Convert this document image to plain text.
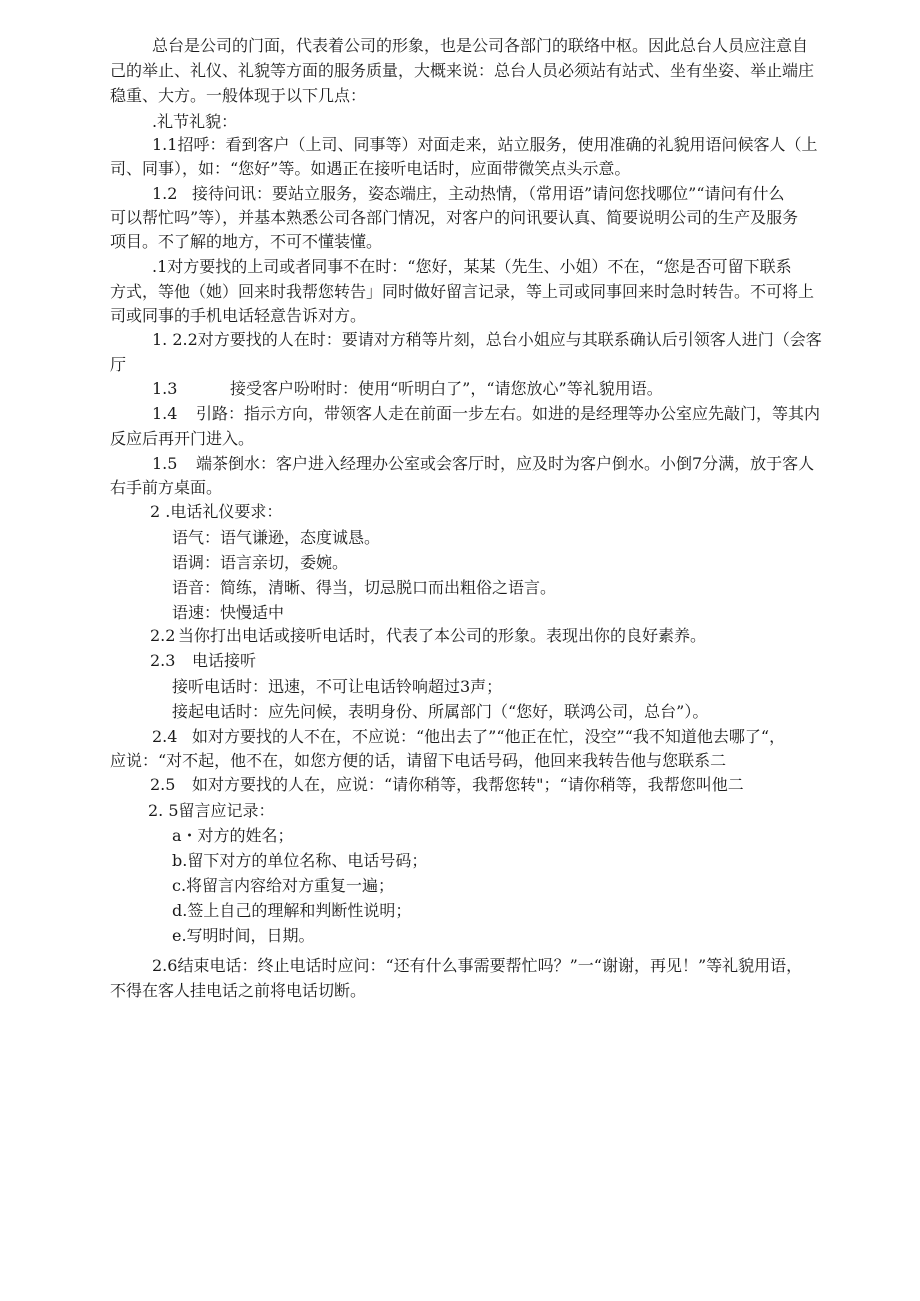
总台是公司的门面，代表着公司的形象，也是公司各部门的联络中枢。因此总台人员应注意自
己的举止、礼仪、礼貌等方面的服务质量，大概来说：总台人员必须站有站式、坐有坐姿、举止端庄
稳重、大方。一般体现于以下几点：
.礼节礼貌：
1.1招呼：看到客户（上司、同事等）对面走来，站立服务，使用准确的礼貌用语问候客人（上
司、同事），如：“您好”等。如遇正在接听电话时，应面带微笑点头示意。
1.2 接待问讯：要站立服务，姿态端庄，主动热情，（常用语”请问您找哪位”“请问有什么
可以帮忙吗”等），并基本熟悉公司各部门情况，对客户的问讯要认真、简要说明公司的生产及服务
项目。不了解的地方，不可不懂装懂。
.1对方要找的上司或者同事不在时：“您好，某某（先生、小姐）不在，“您是否可留下联系
方式，等他（她）回来时我帮您转告」同时做好留言记录，等上司或同事回来时急时转告。不可将上
司或同事的手机电话轻意告诉对方。
1. 2.2对方要找的人在时：要请对方稍等片刻，总台小姐应与其联系确认后引领客人进门（会客
厅
1.3	接受客户吩咐时：使用“听明白了”，“请您放心”等礼貌用语。
1.4 引路：指示方向，带领客人走在前面一步左右。如进的是经理等办公室应先敲门，等其内
反应后再开门进入。
1.5 端茶倒水：客户进入经理办公室或会客厅时，应及时为客户倒水。小倒7分满，放于客人
右手前方桌面。
2 .电话礼仪要求：
语气：语气谦逊，态度诚恳。
语调：语言亲切，委婉。
语音：简练，清晰、得当，切忌脱口而出粗俗之语言。
语速：快慢适中
2.2 当你打出电话或接听电话时，代表了本公司的形象。表现出你的良好素养。
2.3 电话接听
接听电话时：迅速，不可让电话铃响超过3声；
接起电话时：应先问候，表明身份、所属部门（“您好，联鸿公司，总台”）。
2.4 如对方要找的人不在，不应说：“他出去了”“他正在忙，没空”“我不知道他去哪了“，
应说：“对不起，他不在，如您方便的话，请留下电话号码，他回来我转告他与您联系二
2.5 如对方要找的人在，应说：“请你稍等，我帮您转"；“请你稍等，我帮您叫他二
2. 5留言应记录：
a・对方的姓名；
b.留下对方的单位名称、电话号码；
c.将留言内容给对方重复一遍；
d.签上自己的理解和判断性说明；
e.写明时间，日期。
2.6结束电话：终止电话时应问：“还有什么事需要帮忙吗？”一“谢谢，再见！”等礼貌用语，
不得在客人挂电话之前将电话切断。
